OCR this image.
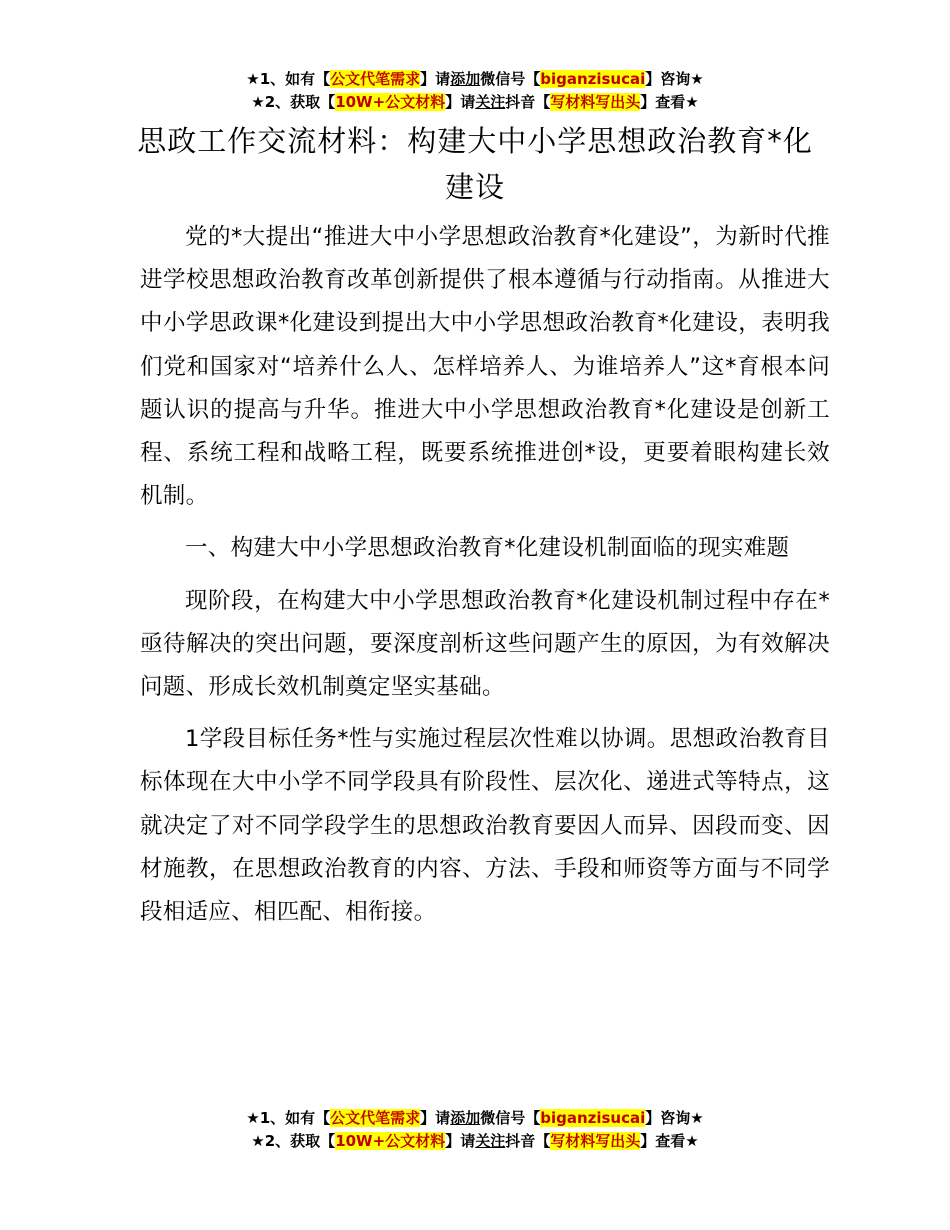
★1、如有【公文代笔需求】请添加微信号【biganzisucai】咨询★
★2、获取【10W+公文材料】请关注抖音【写材料写出头】查看★
思政工作交流材料：构建大中小学思想政治教育*化建设

党的*大提出“推进大中小学思想政治教育*化建设”，为新时代推进学校思想政治教育改革创新提供了根本遵循与行动指南。从推进大中小学思政课*化建设到提出大中小学思想政治教育*化建设，表明我们党和国家对“培养什么人、怎样培养人、为谁培养人”这*育根本问题认识的提高与升华。推进大中小学思想政治教育*化建设是创新工程、系统工程和战略工程，既要系统推进创*设，更要着眼构建长效机制。

一、构建大中小学思想政治教育*化建设机制面临的现实难题

现阶段，在构建大中小学思想政治教育*化建设机制过程中存在*亟待解决的突出问题，要深度剖析这些问题产生的原因，为有效解决问题、形成长效机制奠定坚实基础。

1学段目标任务*性与实施过程层次性难以协调。思想政治教育目标体现在大中小学不同学段具有阶段性、层次化、递进式等特点，这就决定了对不同学段学生的思想政治教育要因人而异、因段而变、因材施教，在思想政治教育的内容、方法、手段和师资等方面与不同学段相适应、相匹配、相衔接。

★1、如有【公文代笔需求】请添加微信号【biganzisucai】咨询★
★2、获取【10W+公文材料】请关注抖音【写材料写出头】查看★
